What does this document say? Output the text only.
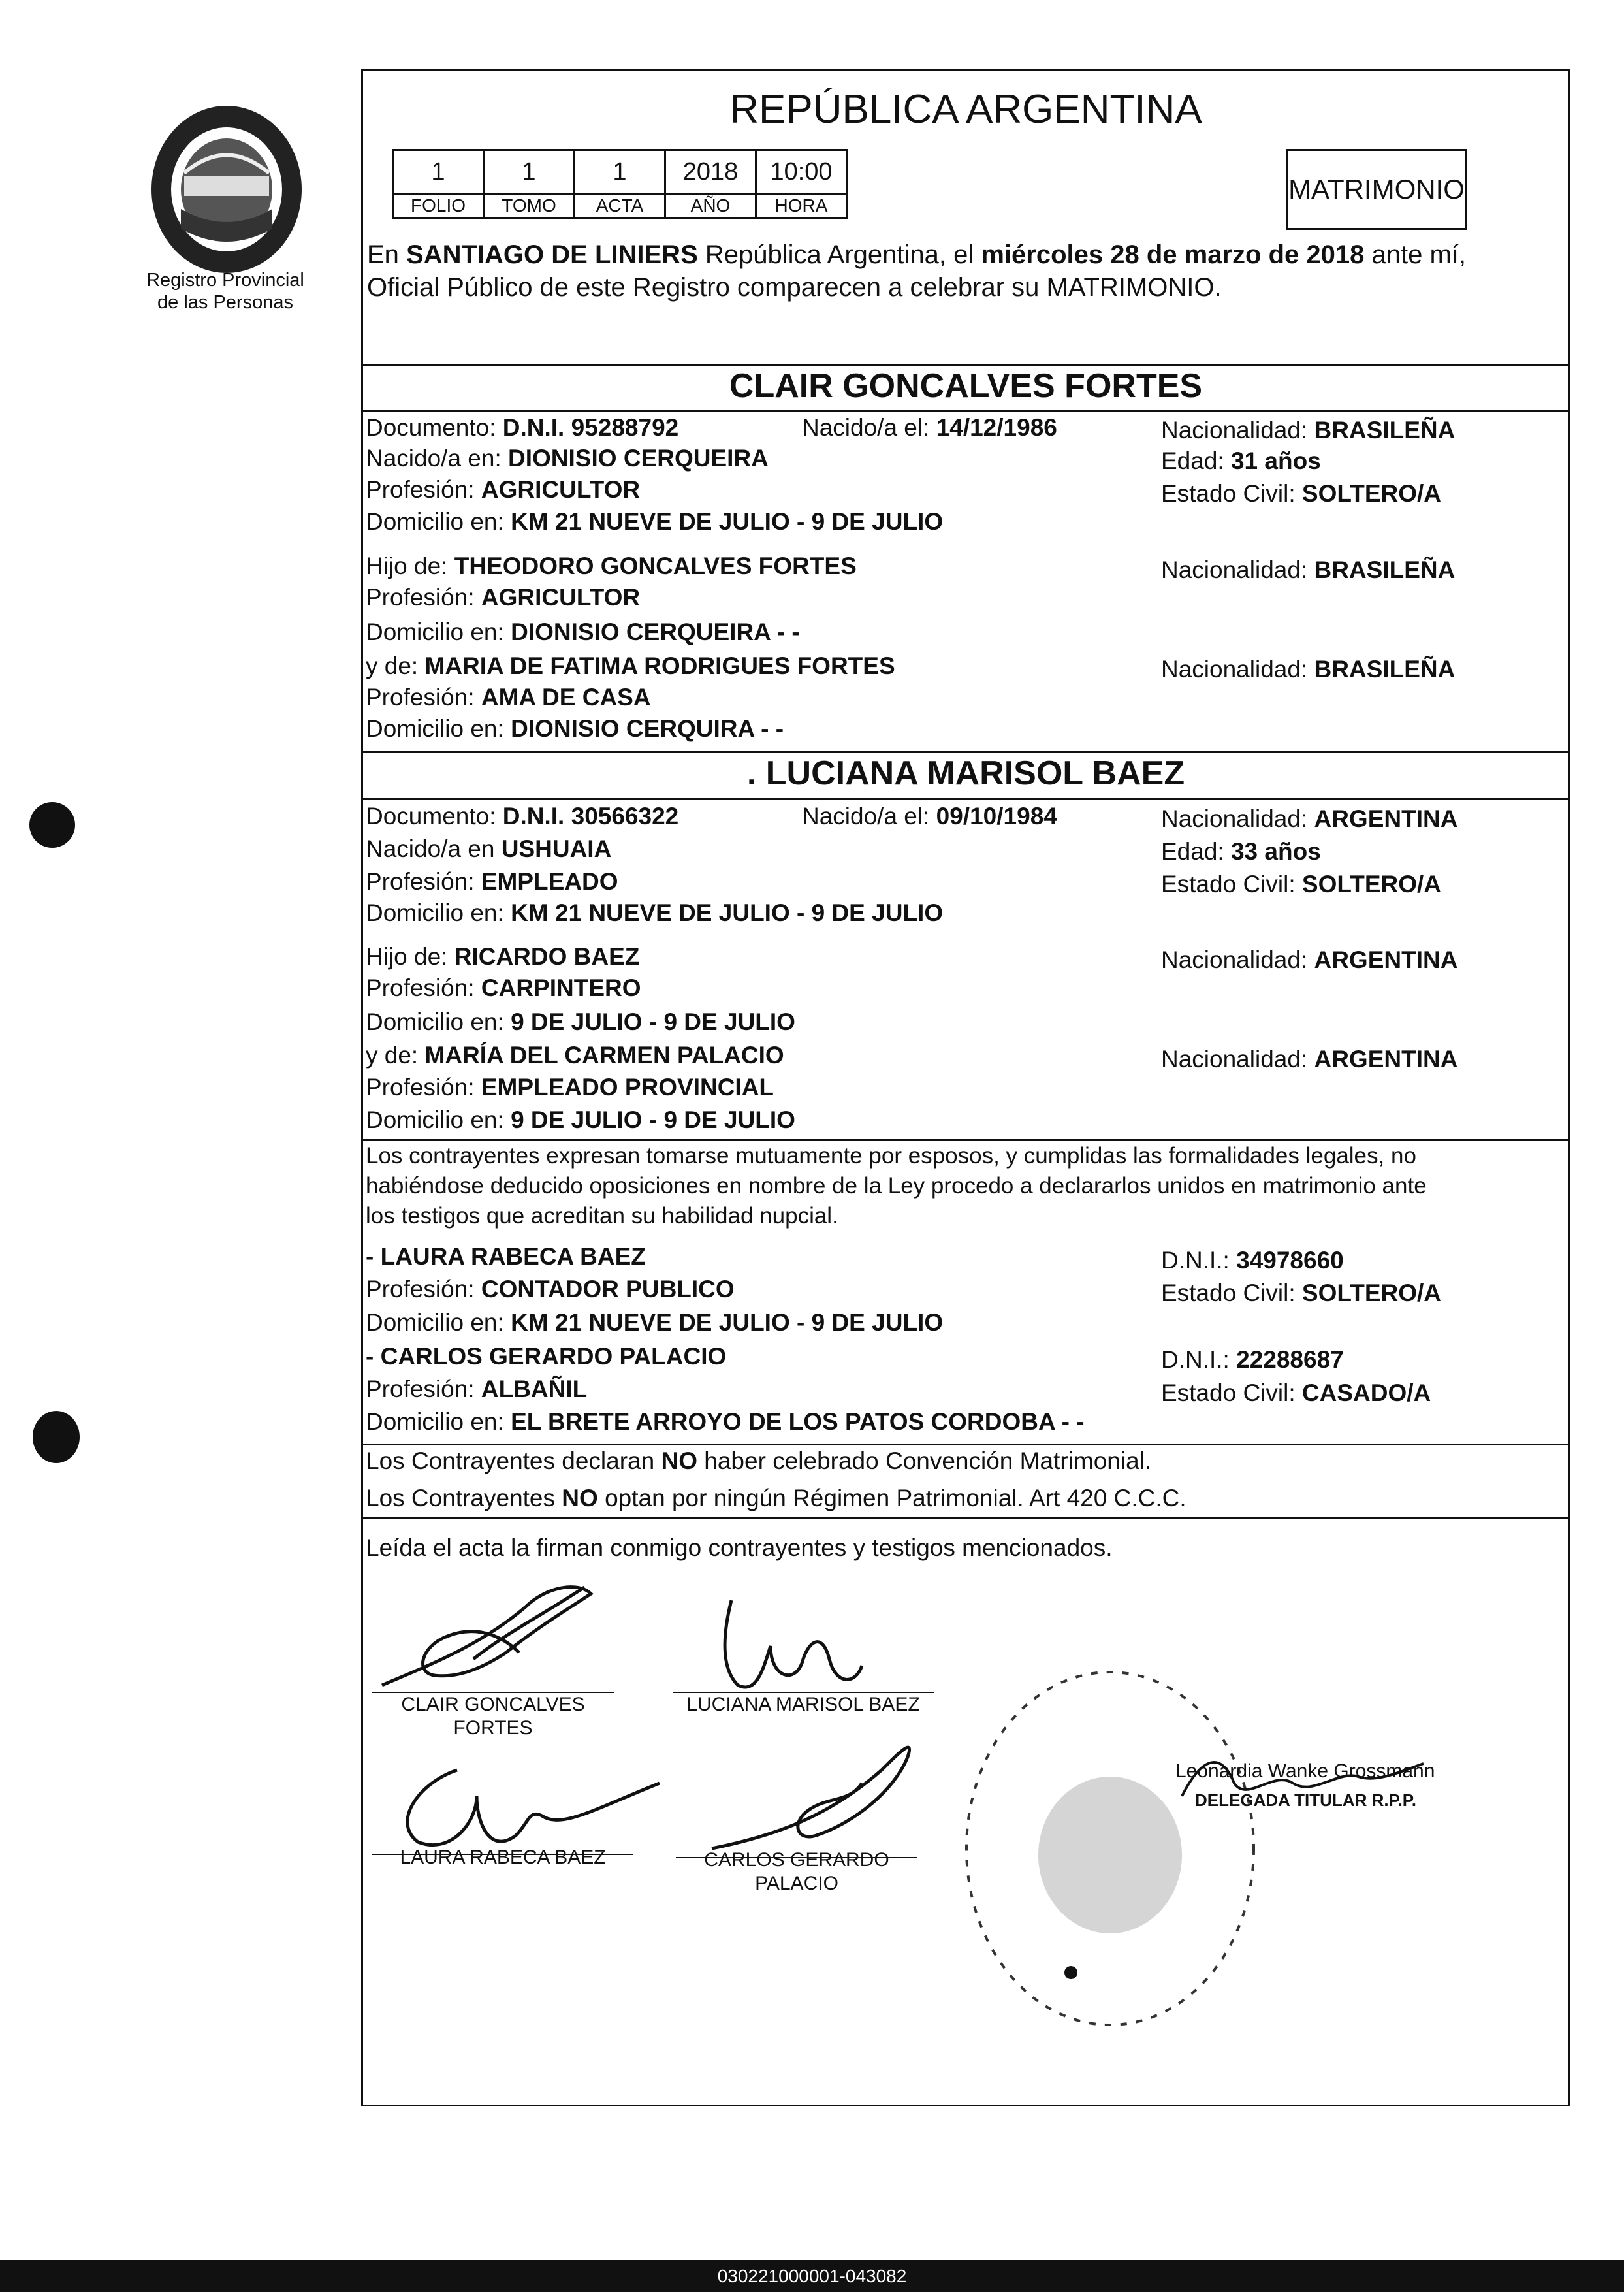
Registro Provincial
de las Personas
REPÚBLICA ARGENTINA
1	1	1	2018	10:00
FOLIO	TOMO	ACTA	AÑO	HORA
MATRIMONIO
En SANTIAGO DE LINIERS República Argentina, el miércoles 28 de marzo de 2018 ante mí,
Oficial Público de este Registro comparecen a celebrar su MATRIMONIO.
CLAIR GONCALVES FORTES
Documento: D.N.I. 95288792	Nacido/a el: 14/12/1986	Nacionalidad: BRASILEÑA
Nacido/a en: DIONISIO CERQUEIRA	Edad: 31 años
Profesión: AGRICULTOR	Estado Civil: SOLTERO/A
Domicilio en: KM 21 NUEVE DE JULIO - 9 DE JULIO
Hijo de: THEODORO GONCALVES FORTES	Nacionalidad: BRASILEÑA
Profesión: AGRICULTOR
Domicilio en: DIONISIO CERQUEIRA - -
y de: MARIA DE FATIMA RODRIGUES FORTES	Nacionalidad: BRASILEÑA
Profesión: AMA DE CASA
Domicilio en: DIONISIO CERQUIRA - -
. LUCIANA MARISOL BAEZ
Documento: D.N.I. 30566322	Nacido/a el: 09/10/1984	Nacionalidad: ARGENTINA
Nacido/a en USHUAIA	Edad: 33 años
Profesión: EMPLEADO	Estado Civil: SOLTERO/A
Domicilio en: KM 21 NUEVE DE JULIO - 9 DE JULIO
Hijo de: RICARDO BAEZ	Nacionalidad: ARGENTINA
Profesión: CARPINTERO
Domicilio en: 9 DE JULIO - 9 DE JULIO
y de: MARÍA DEL CARMEN PALACIO	Nacionalidad: ARGENTINA
Profesión: EMPLEADO PROVINCIAL
Domicilio en: 9 DE JULIO - 9 DE JULIO
Los contrayentes expresan tomarse mutuamente por esposos, y cumplidas las formalidades legales, no
habiéndose deducido oposiciones en nombre de la Ley procedo a declararlos unidos en matrimonio ante
los testigos que acreditan su habilidad nupcial.
- LAURA RABECA BAEZ	D.N.I.: 34978660
Profesión: CONTADOR PUBLICO	Estado Civil: SOLTERO/A
Domicilio en: KM 21 NUEVE DE JULIO - 9 DE JULIO
- CARLOS GERARDO PALACIO	D.N.I.: 22288687
Profesión: ALBAÑIL	Estado Civil: CASADO/A
Domicilio en: EL BRETE ARROYO DE LOS PATOS CORDOBA - -
Los Contrayentes declaran NO haber celebrado Convención Matrimonial.
Los Contrayentes NO optan por ningún Régimen Patrimonial. Art 420 C.C.C.
Leída el acta la firman conmigo contrayentes y testigos mencionados.
CLAIR GONCALVES
FORTES
LUCIANA MARISOL BAEZ
LAURA RABECA BAEZ	CARLOS GERARDO
PALACIO
Leonardia Wanke Grossmann
DELEGADA TITULAR R.P.P.
030221000001-043082
